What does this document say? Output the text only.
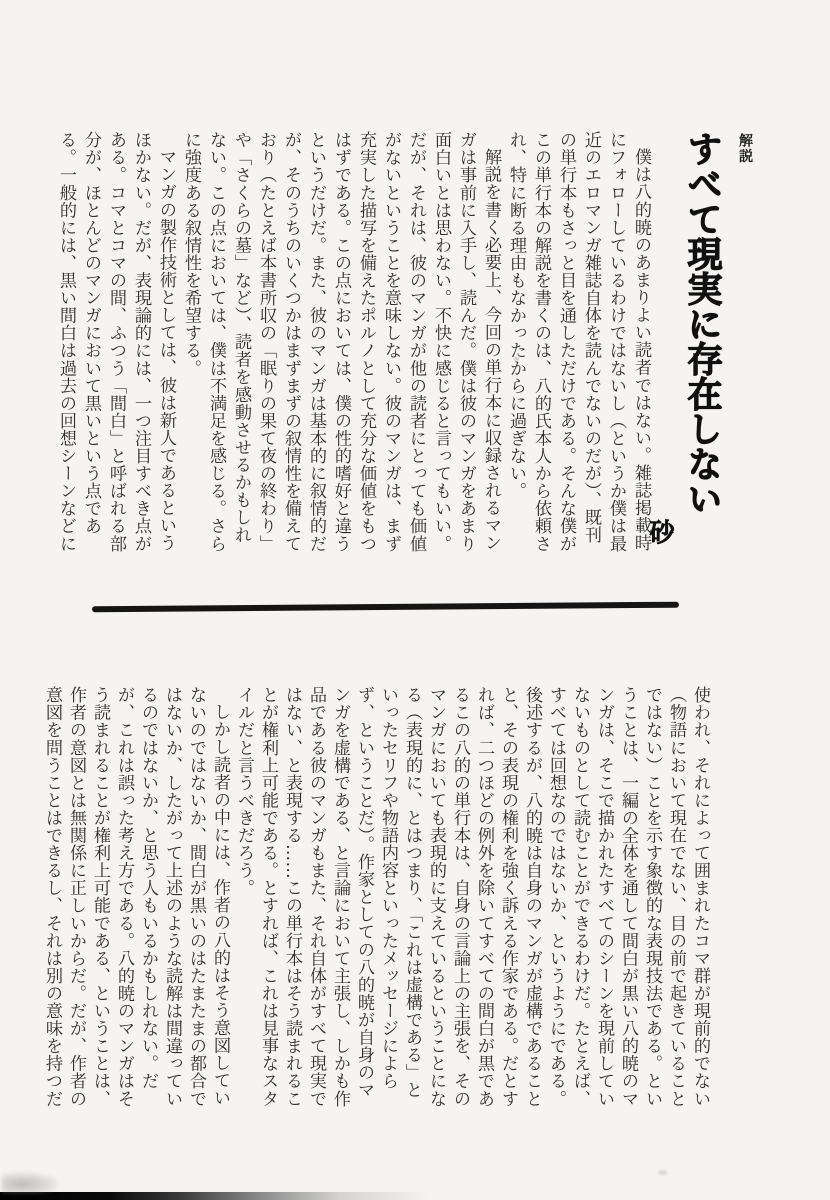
解説
すべて現実に存在しない
砂

僕は八的暁のあまりよい読者ではない。雑誌掲載時にフォローしているわけではないし（というか僕は最近のエロマンガ雑誌自体を読んでないのだが）、既刊の単行本もさっと目を通しただけである。そんな僕がこの単行本の解説を書くのは、八的氏本人から依頼され、特に断る理由もなかったからに過ぎない。

解説を書く必要上、今回の単行本に収録されるマンガは事前に入手し、読んだ。僕は彼のマンガをあまり面白いとは思わない。不快に感じると言ってもいい。だが、それは、彼のマンガが他の読者にとっても価値がないということを意味しない。彼のマンガは、まず充実した描写を備えたポルノとして充分な価値をもつはずである。この点においては、僕の性的嗜好と違うというだけだ。また、彼のマンガは基本的に叙情的だが、そのうちのいくつかはまずまずの叙情性を備えており（たとえば本書所収の「眠りの果て夜の終わり」や「さくらの墓」など）、読者を感動させるかもしれない。この点においては、僕は不満足を感じる。さらに強度ある叙情性を希望する。

マンガの製作技術としては、彼は新人であるというほかない。だが、表現論的には、一つ注目すべき点がある。コマとコマの間、ふつう「間白」と呼ばれる部分が、ほとんどのマンガにおいて黒いという点である。一般的には、黒い間白は過去の回想シーンなどに

使われ、それによって囲まれたコマ群が現前的でない（物語において現在でない、目の前で起きていることではない）ことを示す象徴的な表現技法である。ということは、一編の全体を通して間白が黒い八的暁のマンガは、そこで描かれたすべてのシーンを現前していないものとして読むことができるわけだ。たとえば、すべては回想なのではないか、というようにである。後述するが、八的暁は自身のマンガが虚構であることと、その表現の権利を強く訴える作家である。だとすれば、二つほどの例外を除いてすべての間白が黒であるこの八的の単行本は、自身の言論上の主張を、そのマンガにおいても表現的に支えているということになる（表現的に、とはつまり、「これは虚構である」といったセリフや物語内容といったメッセージによらず、ということだ）。作家としての八的暁が自身のマンガを虚構である、と言論において主張し、しかも作品である彼のマンガもまた、それ自体がすべて現実ではない、と表現する……この単行本はそう読まれることが権利上可能である。とすれば、これは見事なスタイルだと言うべきだろう。

しかし読者の中には、作者の八的はそう意図していないのではないか、間白が黒いのはたまたまの都合ではないか、したがって上述のような読解は間違っているのではないか、と思う人もいるかもしれない。だが、これは誤った考え方である。八的暁のマンガはそう読まれることが権利上可能である、ということは、作者の意図とは無関係に正しいからだ。だが、作者の意図を問うことはできるし、それは別の意味を持つだ
